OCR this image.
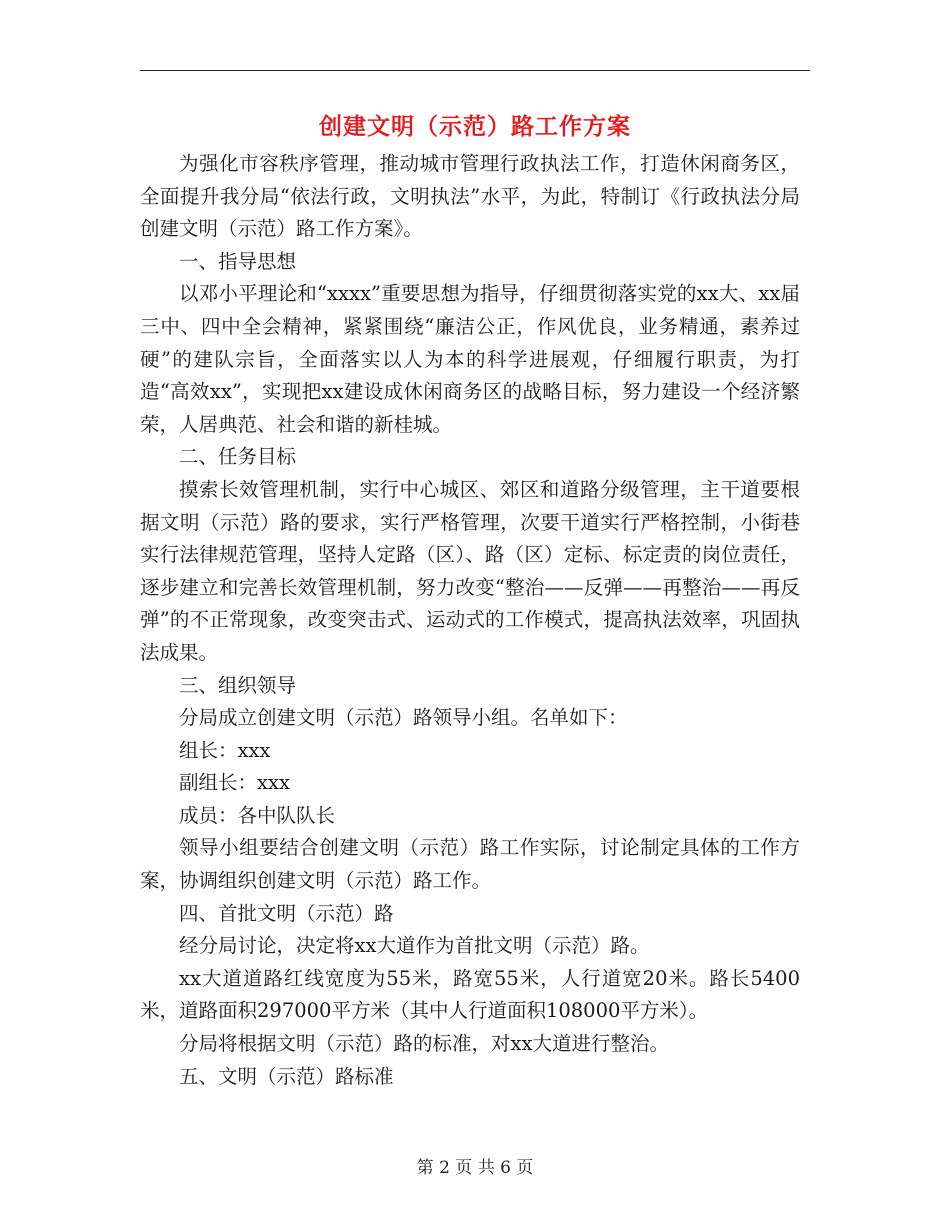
创建文明（示范）路工作方案

为强化市容秩序管理，推动城市管理行政执法工作，打造休闲商务区，全面提升我分局“依法行政，文明执法”水平，为此，特制订《行政执法分局创建文明（示范）路工作方案》。

一、指导思想

以邓小平理论和“xxxx”重要思想为指导，仔细贯彻落实党的xx大、xx届三中、四中全会精神，紧紧围绕“廉洁公正，作风优良，业务精通，素养过硬”的建队宗旨，全面落实以人为本的科学进展观，仔细履行职责，为打造“高效xx”，实现把xx建设成休闲商务区的战略目标，努力建设一个经济繁荣，人居典范、社会和谐的新桂城。

二、任务目标

摸索长效管理机制，实行中心城区、郊区和道路分级管理，主干道要根据文明（示范）路的要求，实行严格管理，次要干道实行严格控制，小街巷实行法律规范管理，坚持人定路（区）、路（区）定标、标定责的岗位责任，逐步建立和完善长效管理机制，努力改变“整治——反弹——再整治——再反弹”的不正常现象，改变突击式、运动式的工作模式，提高执法效率，巩固执法成果。

三、组织领导

分局成立创建文明（示范）路领导小组。名单如下：

组长：xxx

副组长：xxx

成员：各中队队长

领导小组要结合创建文明（示范）路工作实际，讨论制定具体的工作方案，协调组织创建文明（示范）路工作。

四、首批文明（示范）路

经分局讨论，决定将xx大道作为首批文明（示范）路。

xx大道道路红线宽度为55米，路宽55米，人行道宽20米。路长5400米，道路面积297000平方米（其中人行道面积108000平方米）。

分局将根据文明（示范）路的标准，对xx大道进行整治。

五、文明（示范）路标准

第 2 页 共 6 页
